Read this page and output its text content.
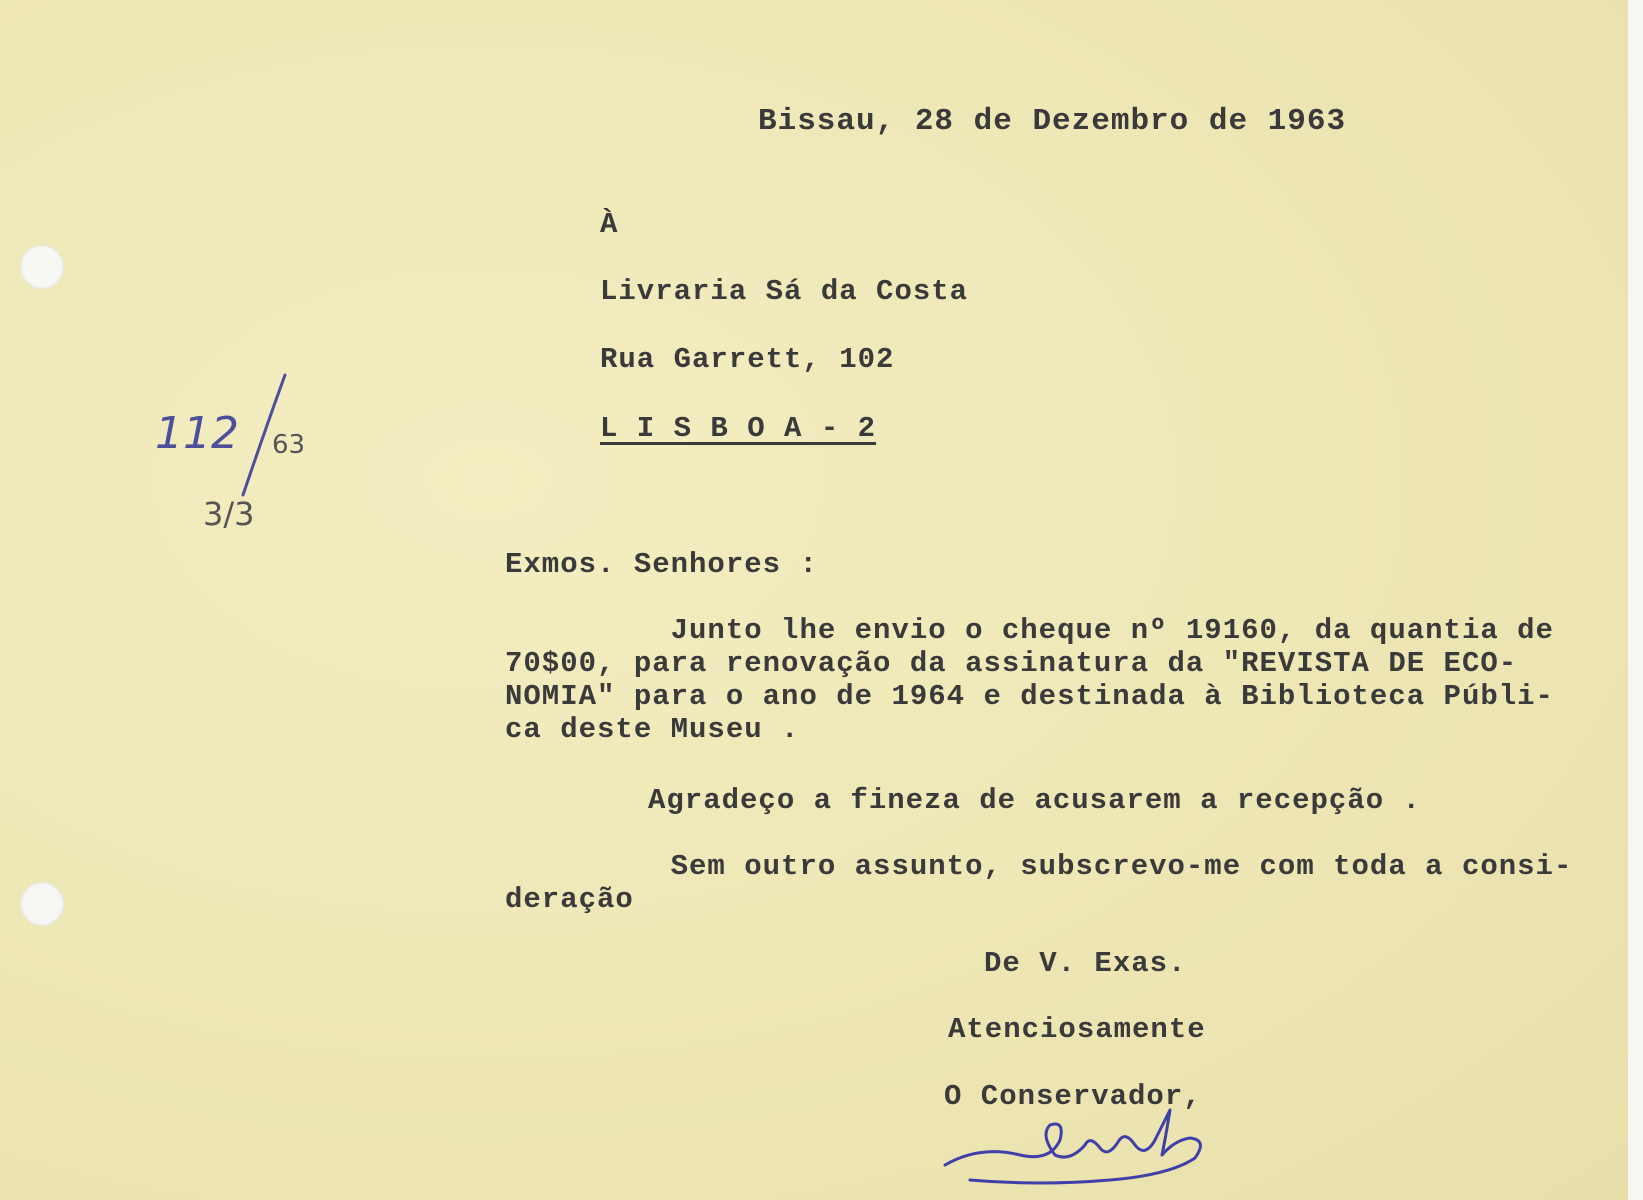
Bissau, 28 de Dezembro de 1963
À
Livraria Sá da Costa
Rua Garrett, 102
L I S B O A - 2
Exmos. Senhores :
Junto lhe envio o cheque nº 19160, da quantia de
70$00, para renovação da assinatura da "REVISTA DE ECO-
NOMIA" para o ano de 1964 e destinada à Biblioteca Públi-
ca deste Museu .
Agradeço a fineza de acusarem a recepção .
Sem outro assunto, subscrevo-me com toda a consi-
deração
De V. Exas.
Atenciosamente
O Conservador,
112 63
3/3
